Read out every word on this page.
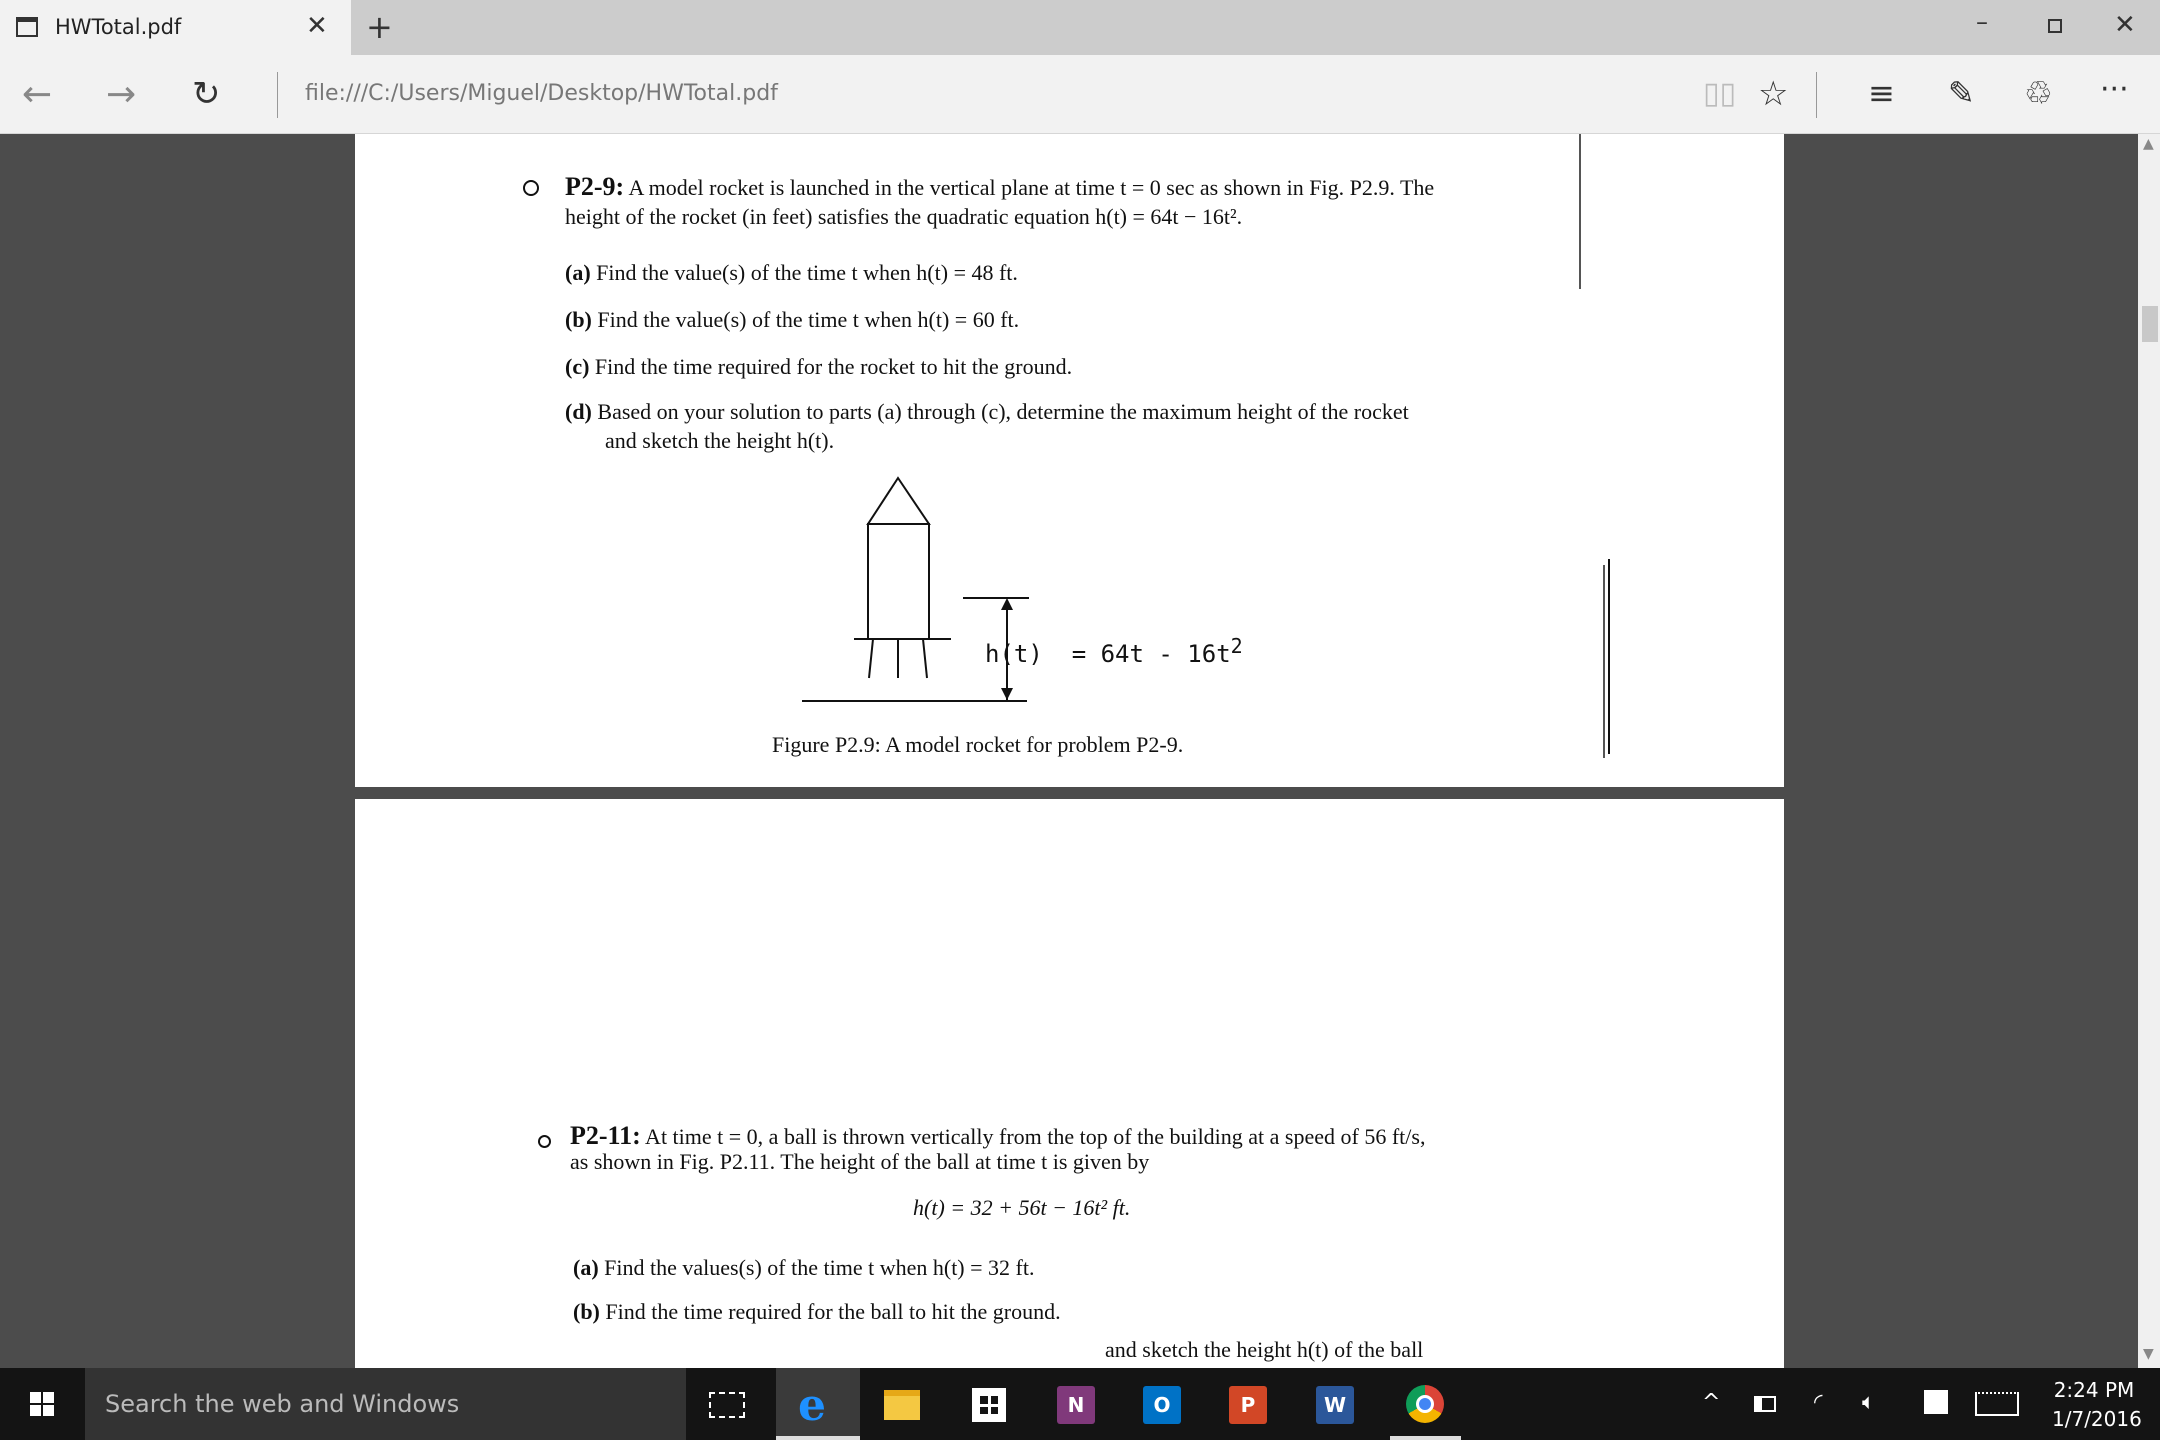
HWTotal.pdf	✕ +	–	✕
← → ↻	file:///C:/Users/Miguel/Desktop/HWTotal.pdf	▯▯ ☆ ≡ ✎ ♲ ···
P2-9: A model rocket is launched in the vertical plane at time t = 0 sec as shown in Fig. P2.9. The
height of the rocket (in feet) satisfies the quadratic equation h(t) = 64t − 16t².
(a) Find the value(s) of the time t when h(t) = 48 ft.
(b) Find the value(s) of the time t when h(t) = 60 ft.
(c) Find the time required for the rocket to hit the ground.
(d) Based on your solution to parts (a) through (c), determine the maximum height of the rocket
and sketch the height h(t).
$h(t) = 64t - 16t^2$
Figure P2.9: A model rocket for problem P2-9.
P2-11: At time t = 0, a ball is thrown vertically from the top of the building at a speed of 56 ft/s,
as shown in Fig. P2.11. The height of the ball at time t is given by
h(t) = 32 + 56t − 16t² ft.
(a) Find the values(s) of the time t when h(t) = 32 ft.
(b) Find the time required for the ball to hit the ground.
and sketch the height h(t) of the ball
▲
▼
Search the web and Windows	e	N	O	P	W	^	◜ 🔈︎	2:24 PM
1/7/2016
